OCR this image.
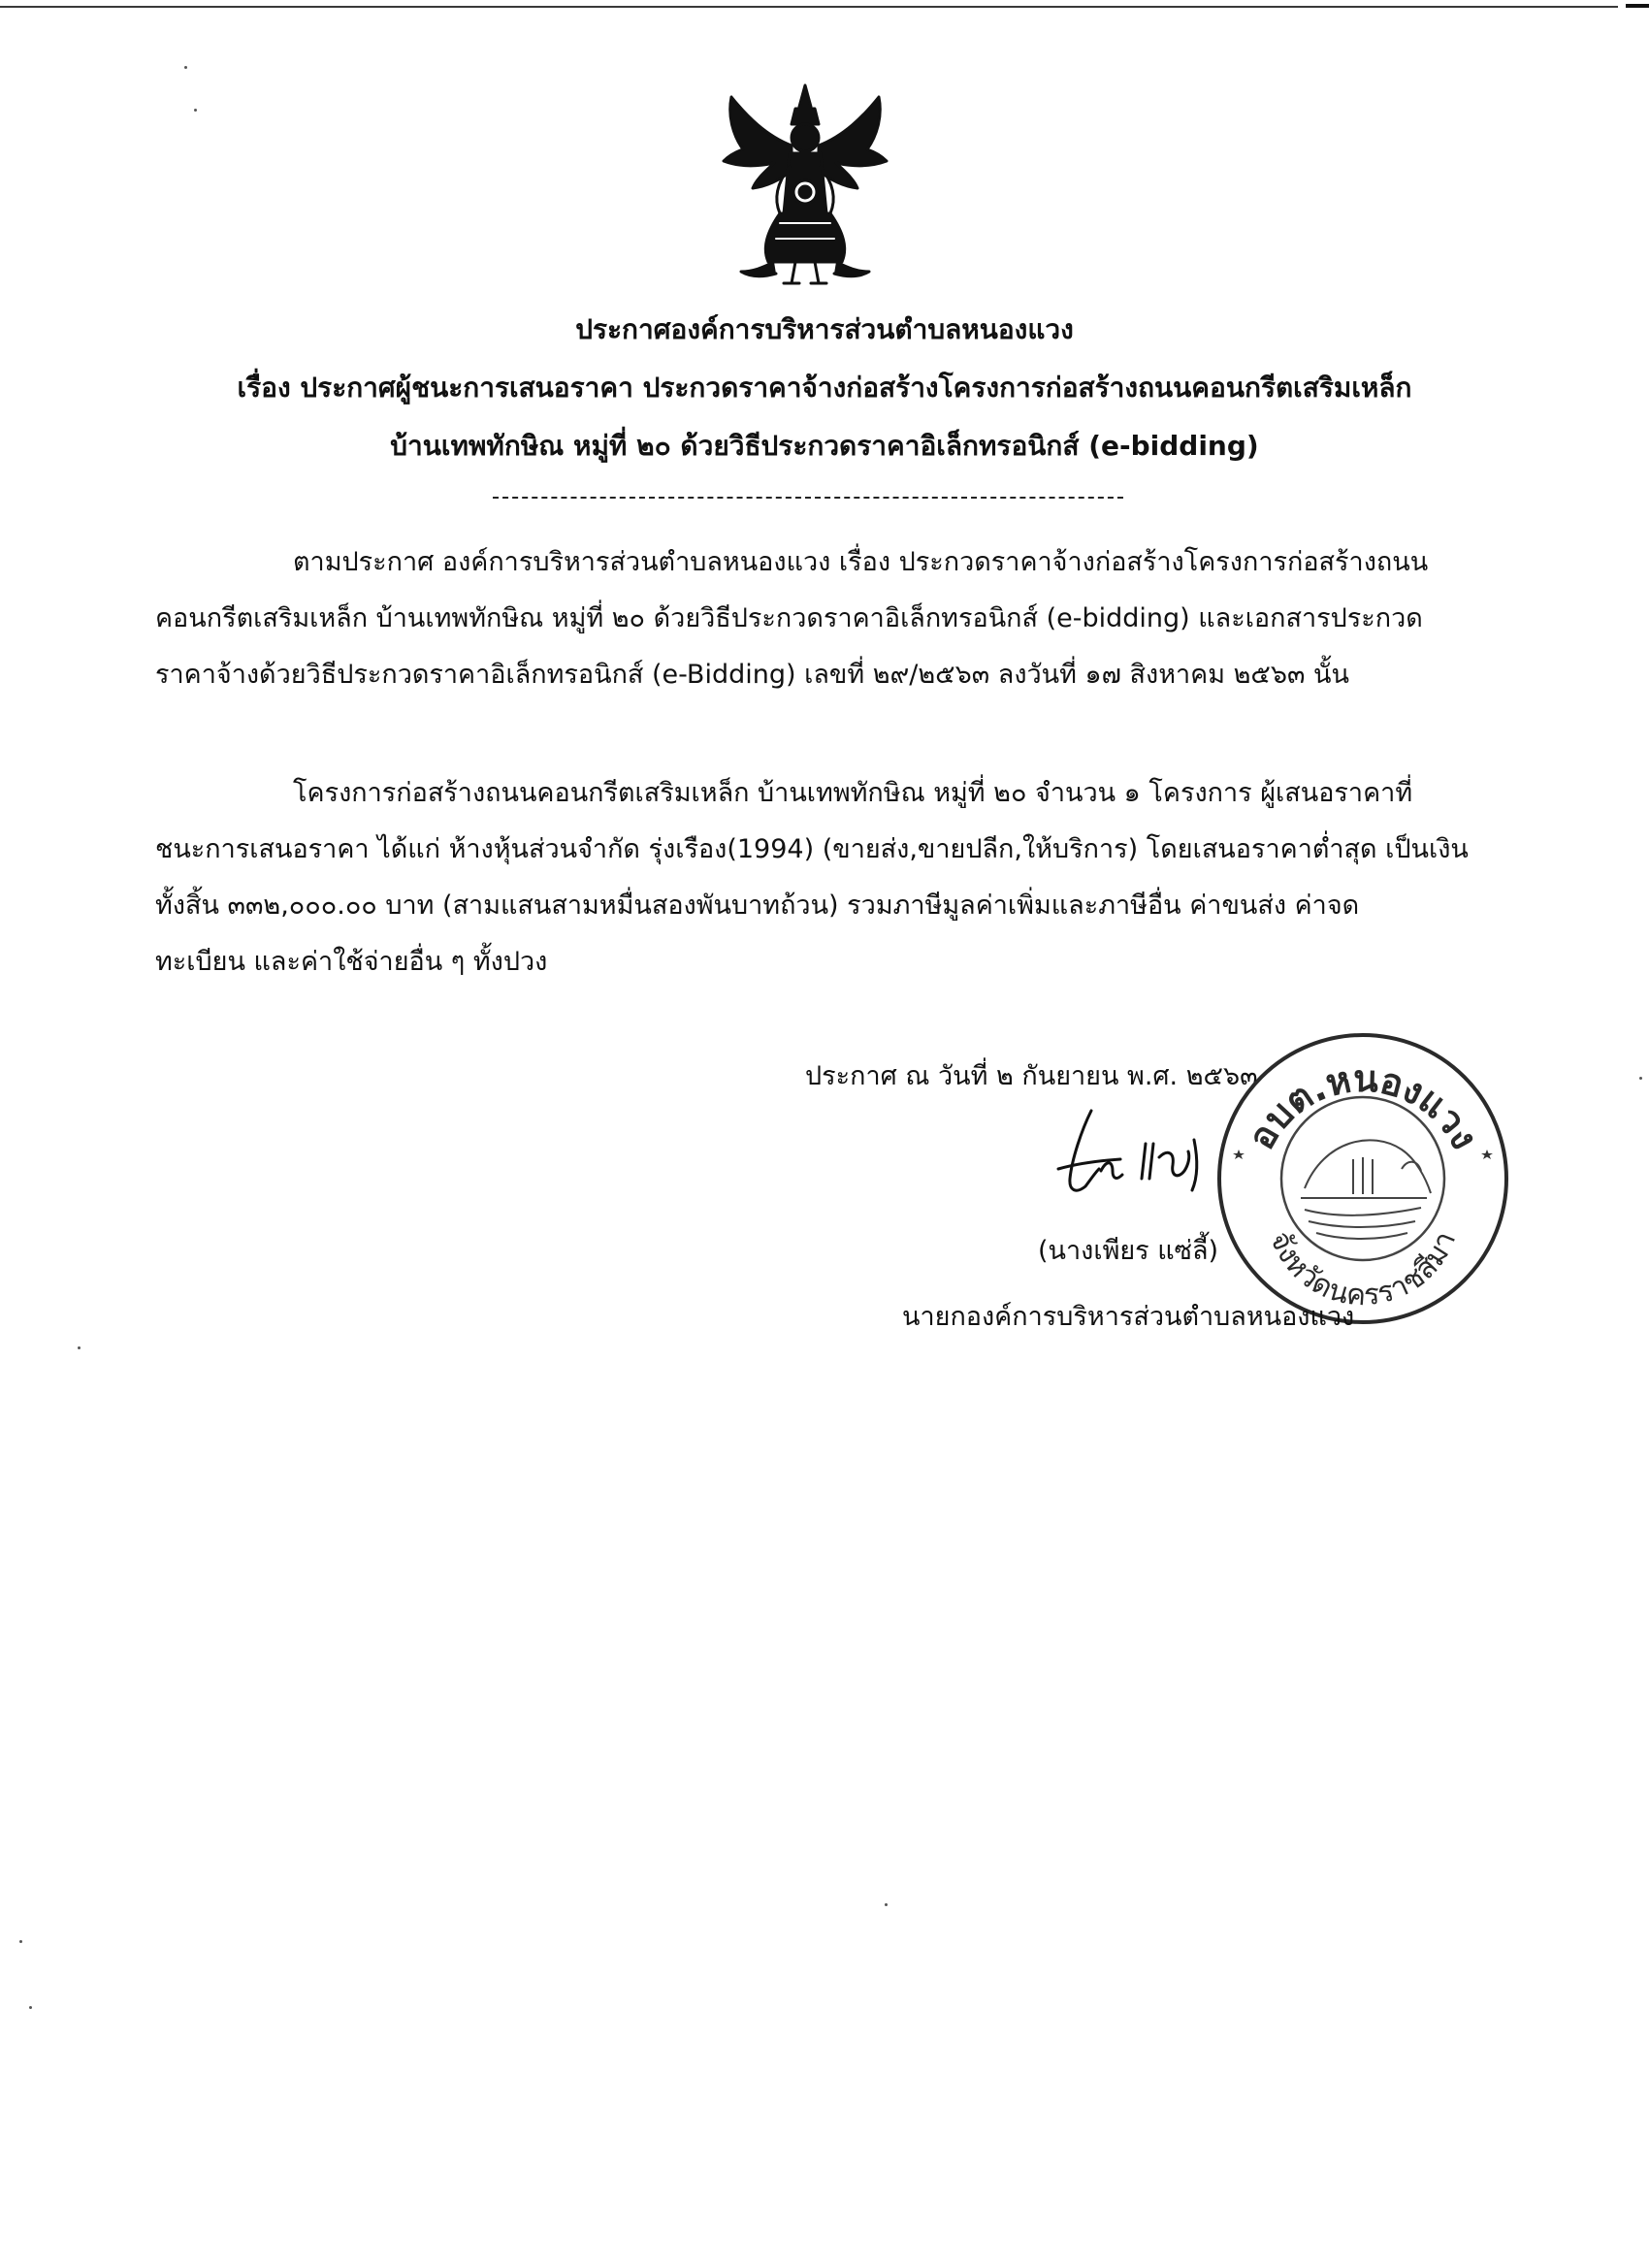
ประกาศองค์การบริหารส่วนตำบลหนองแวง
เรื่อง ประกาศผู้ชนะการเสนอราคา ประกวดราคาจ้างก่อสร้างโครงการก่อสร้างถนนคอนกรีตเสริมเหล็ก
บ้านเทพทักษิณ หมู่ที่ ๒๐ ด้วยวิธีประกวดราคาอิเล็กทรอนิกส์ (e-bidding)
ตามประกาศ องค์การบริหารส่วนตำบลหนองแวง เรื่อง ประกวดราคาจ้างก่อสร้างโครงการก่อสร้างถนน
คอนกรีตเสริมเหล็ก บ้านเทพทักษิณ หมู่ที่ ๒๐ ด้วยวิธีประกวดราคาอิเล็กทรอนิกส์ (e-bidding) และเอกสารประกวด
ราคาจ้างด้วยวิธีประกวดราคาอิเล็กทรอนิกส์ (e-Bidding) เลขที่ ๒๙/๒๕๖๓ ลงวันที่ ๑๗ สิงหาคม ๒๕๖๓ นั้น
โครงการก่อสร้างถนนคอนกรีตเสริมเหล็ก บ้านเทพทักษิณ หมู่ที่ ๒๐ จำนวน ๑ โครงการ ผู้เสนอราคาที่
ชนะการเสนอราคา ได้แก่ ห้างหุ้นส่วนจำกัด รุ่งเรือง(1994) (ขายส่ง,ขายปลีก,ให้บริการ) โดยเสนอราคาต่ำสุด เป็นเงิน
ทั้งสิ้น ๓๓๒,๐๐๐.๐๐ บาท (สามแสนสามหมื่นสองพันบาทถ้วน) รวมภาษีมูลค่าเพิ่มและภาษีอื่น ค่าขนส่ง ค่าจด
ทะเบียน และค่าใช้จ่ายอื่น ๆ ทั้งปวง
ประกาศ ณ วันที่ ๒ กันยายน พ.ศ. ๒๕๖๓
อบต.หนองแวง
จังหวัดนครราชสีมา
(นางเพียร แซ่ลี้)
นายกองค์การบริหารส่วนตำบลหนองแวง
